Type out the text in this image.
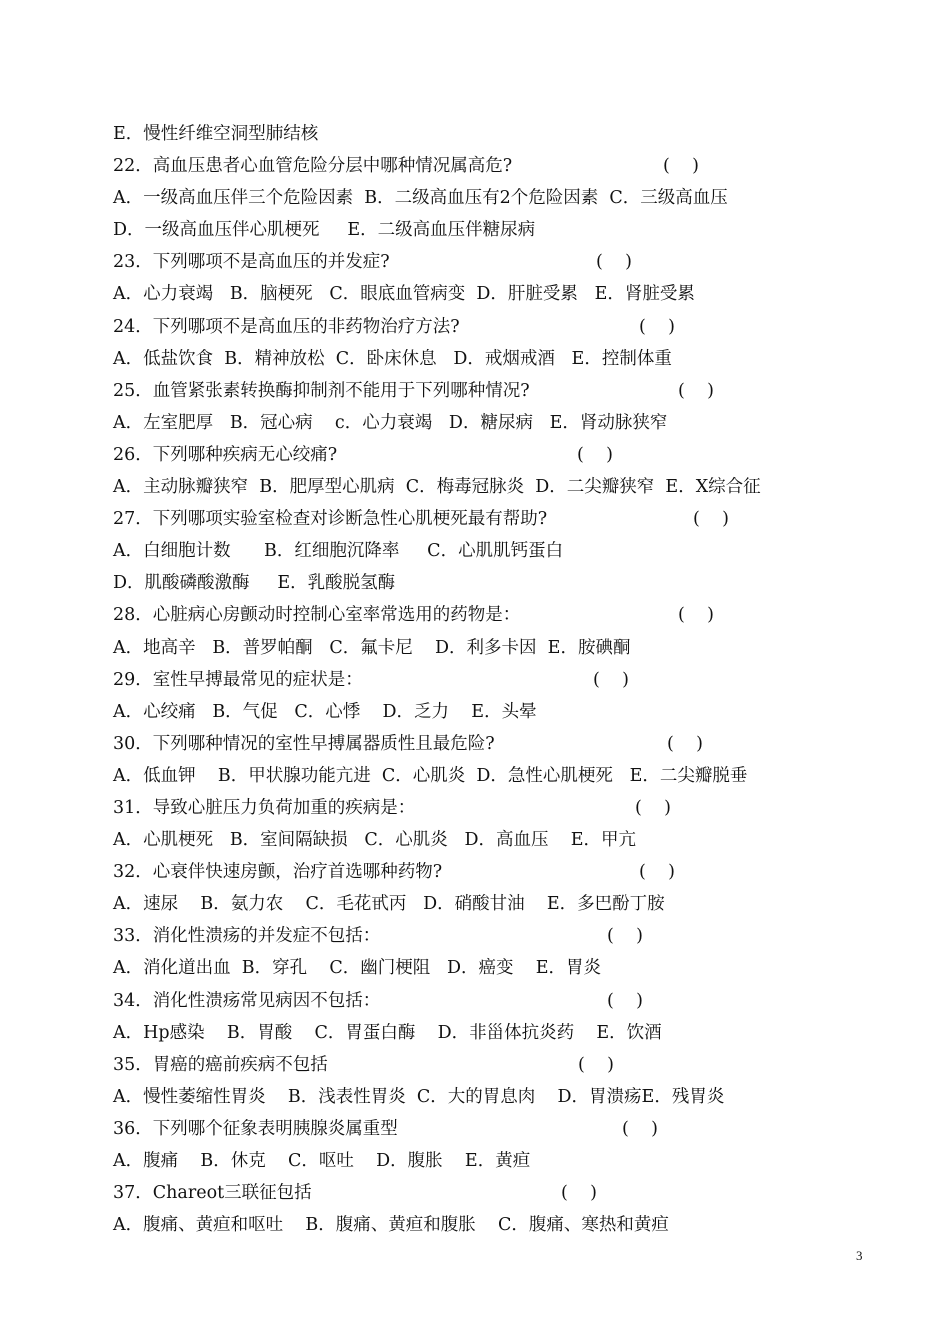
E．慢性纤维空洞型肺结核
22．高血压患者心血管危险分层中哪种情况属高危?	(    )
A．一级高血压伴三个危险因素  B．二级高血压有2个危险因素  C．三级高血压
D．一级高血压伴心肌梗死     E．二级高血压伴糖尿病
23．下列哪项不是高血压的并发症?	(    )
A．心力衰竭   B．脑梗死   C．眼底血管病变  D．肝脏受累   E．肾脏受累
24．下列哪项不是高血压的非药物治疗方法?	(    )
A．低盐饮食  B．精神放松  C．卧床休息   D．戒烟戒酒   E．控制体重
25．血管紧张素转换酶抑制剂不能用于下列哪种情况?	(    )
A．左室肥厚   B．冠心病    c．心力衰竭   D．糖尿病   E．肾动脉狭窄
26．下列哪种疾病无心绞痛?	(    )
A．主动脉瓣狭窄  B．肥厚型心肌病  C．梅毒冠脉炎  D．二尖瓣狭窄  E．X综合征
27．下列哪项实验室检查对诊断急性心肌梗死最有帮助?	(    )
A．白细胞计数      B．红细胞沉降率     C．心肌肌钙蛋白
D．肌酸磷酸激酶     E．乳酸脱氢酶
28．心脏病心房颤动时控制心室率常选用的药物是：	(    )
A．地高辛   B．普罗帕酮   C．氟卡尼    D．利多卡因  E．胺碘酮
29．室性早搏最常见的症状是：	(    )
A．心绞痛   B．气促   C．心悸    D．乏力    E．头晕
30．下列哪种情况的室性早搏属器质性且最危险?	(    )
A．低血钾    B．甲状腺功能亢进  C．心肌炎  D．急性心肌梗死   E．二尖瓣脱垂
31．导致心脏压力负荷加重的疾病是：	(    )
A．心肌梗死   B．室间隔缺损   C．心肌炎   D．高血压    E．甲亢
32．心衰伴快速房颤，治疗首选哪种药物?	(    )
A．速尿    B．氨力农    C．毛花甙丙   D．硝酸甘油    E．多巴酚丁胺
33．消化性溃疡的并发症不包括：	(    )
A．消化道出血  B．穿孔    C．幽门梗阻   D．癌变    E．胃炎
34．消化性溃疡常见病因不包括：	(    )
A．Hp感染    B．胃酸    C．胃蛋白酶    D．非甾体抗炎药    E．饮酒
35．胃癌的癌前疾病不包括	(    )
A．慢性萎缩性胃炎    B．浅表性胃炎  C．大的胃息肉    D．胃溃疡E．残胃炎
36．下列哪个征象表明胰腺炎属重型	(    )
A．腹痛    B．休克    C．呕吐    D．腹胀    E．黄疸
37．Chareot三联征包括	(    )
A．腹痛、黄疸和呕吐    B．腹痛、黄疸和腹胀    C．腹痛、寒热和黄疸
3
